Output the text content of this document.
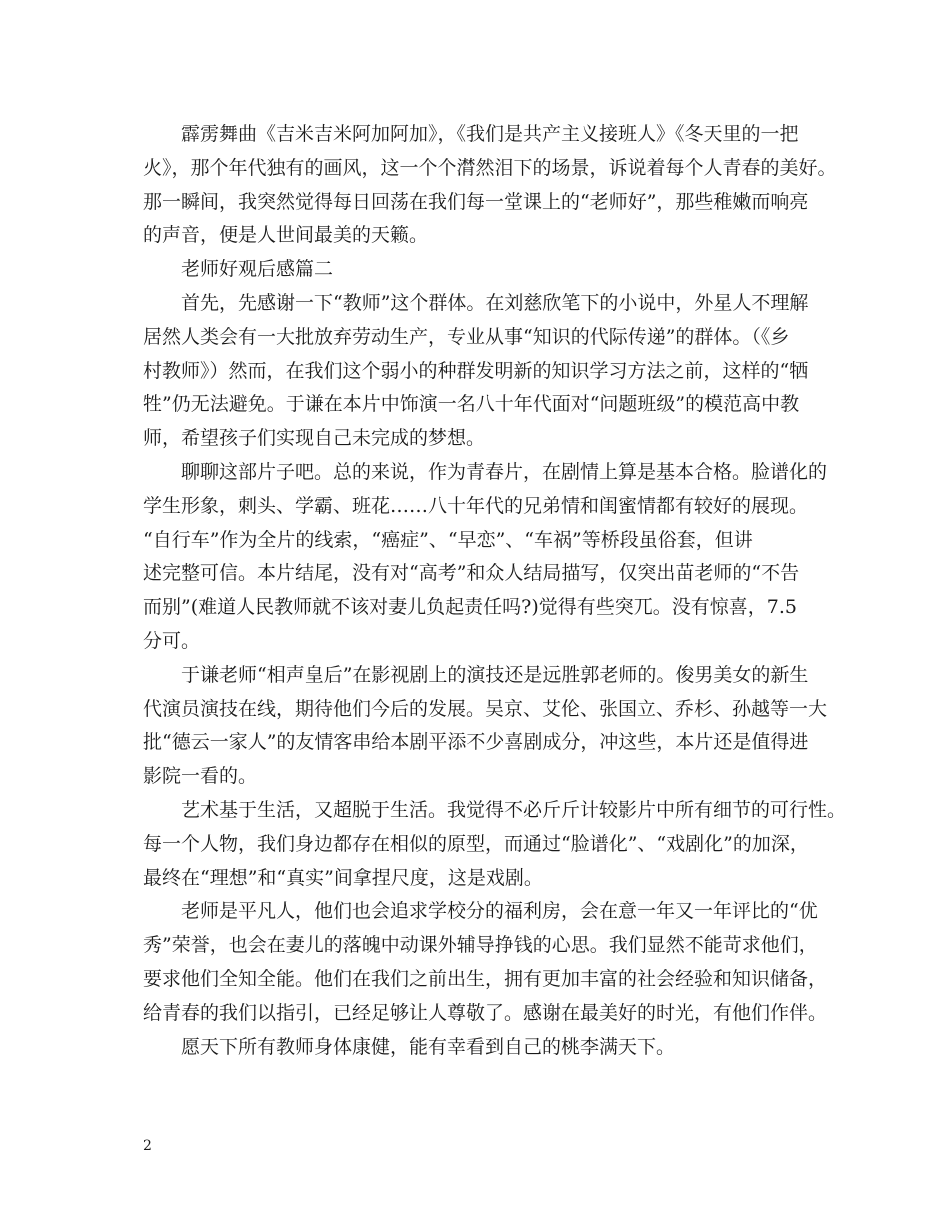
霹雳舞曲《吉米吉米阿加阿加》，《我们是共产主义接班人》《冬天里的一把
火》，那个年代独有的画风，这一个个潸然泪下的场景，诉说着每个人青春的美好。
那一瞬间，我突然觉得每日回荡在我们每一堂课上的“老师好”，那些稚嫩而响亮
的声音，便是人世间最美的天籁。
老师好观后感篇二
首先，先感谢一下“教师”这个群体。在刘慈欣笔下的小说中，外星人不理解
居然人类会有一大批放弃劳动生产，专业从事“知识的代际传递”的群体。（《乡
村教师》）然而，在我们这个弱小的种群发明新的知识学习方法之前，这样的“牺
牲”仍无法避免。于谦在本片中饰演一名八十年代面对“问题班级”的模范高中教
师，希望孩子们实现自己未完成的梦想。
聊聊这部片子吧。总的来说，作为青春片，在剧情上算是基本合格。脸谱化的
学生形象，刺头、学霸、班花……八十年代的兄弟情和闺蜜情都有较好的展现。
“自行车”作为全片的线索，“癌症”、“早恋”、“车祸”等桥段虽俗套，但讲
述完整可信。本片结尾，没有对“高考”和众人结局描写，仅突出苗老师的“不告
而别”(难道人民教师就不该对妻儿负起责任吗?)觉得有些突兀。没有惊喜，7.5
分可。
于谦老师“相声皇后”在影视剧上的演技还是远胜郭老师的。俊男美女的新生
代演员演技在线，期待他们今后的发展。吴京、艾伦、张国立、乔杉、孙越等一大
批“德云一家人”的友情客串给本剧平添不少喜剧成分，冲这些，本片还是值得进
影院一看的。
艺术基于生活，又超脱于生活。我觉得不必斤斤计较影片中所有细节的可行性。
每一个人物，我们身边都存在相似的原型，而通过“脸谱化”、“戏剧化”的加深，
最终在“理想”和“真实”间拿捏尺度，这是戏剧。
老师是平凡人，他们也会追求学校分的福利房，会在意一年又一年评比的“优
秀”荣誉，也会在妻儿的落魄中动课外辅导挣钱的心思。我们显然不能苛求他们，
要求他们全知全能。他们在我们之前出生，拥有更加丰富的社会经验和知识储备，
给青春的我们以指引，已经足够让人尊敬了。感谢在最美好的时光，有他们作伴。
愿天下所有教师身体康健，能有幸看到自己的桃李满天下。
2
